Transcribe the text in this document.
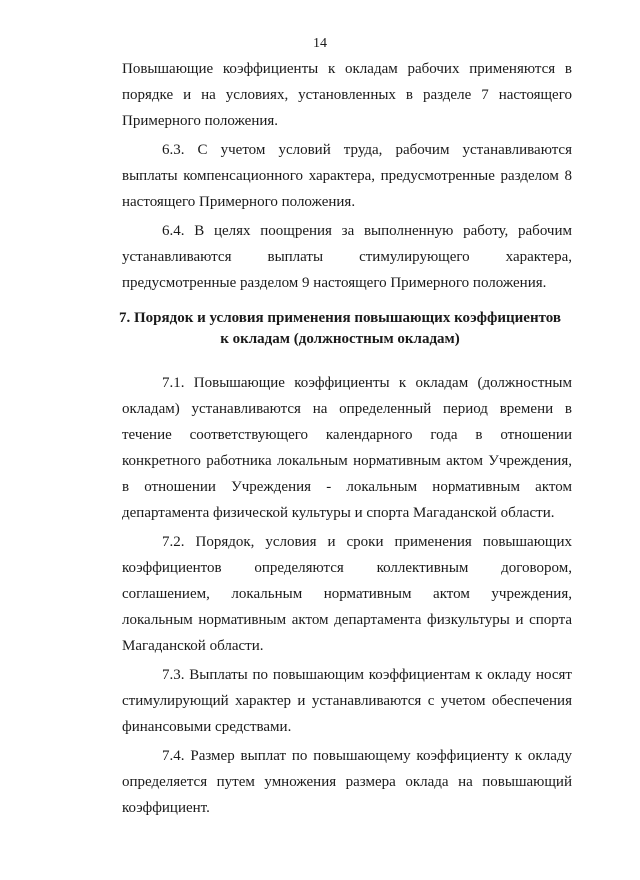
14

Повышающие коэффициенты к окладам рабочих применяются в порядке и на условиях, установленных в разделе 7 настоящего Примерного положения.

6.3. С учетом условий труда, рабочим устанавливаются выплаты компенсационного характера, предусмотренные разделом 8 настоящего Примерного положения.

6.4. В целях поощрения за выполненную работу, рабочим устанавливаются выплаты стимулирующего характера, предусмотренные разделом 9 настоящего Примерного положения.

7. Порядок и условия применения повышающих коэффициентов
к окладам (должностным окладам)

7.1. Повышающие коэффициенты к окладам (должностным окладам) устанавливаются на определенный период времени в течение соответствующего календарного года в отношении конкретного работника локальным нормативным актом Учреждения, в отношении Учреждения - локальным нормативным актом департамента физической культуры и спорта Магаданской области.

7.2. Порядок, условия и сроки применения повышающих коэффициентов определяются коллективным договором, соглашением, локальным нормативным актом учреждения, локальным нормативным актом департамента физкультуры и спорта Магаданской области.

7.3. Выплаты по повышающим коэффициентам к окладу носят стимулирующий характер и устанавливаются с учетом обеспечения финансовыми средствами.

7.4. Размер выплат по повышающему коэффициенту к окладу определяется путем умножения размера оклада на повышающий коэффициент.
